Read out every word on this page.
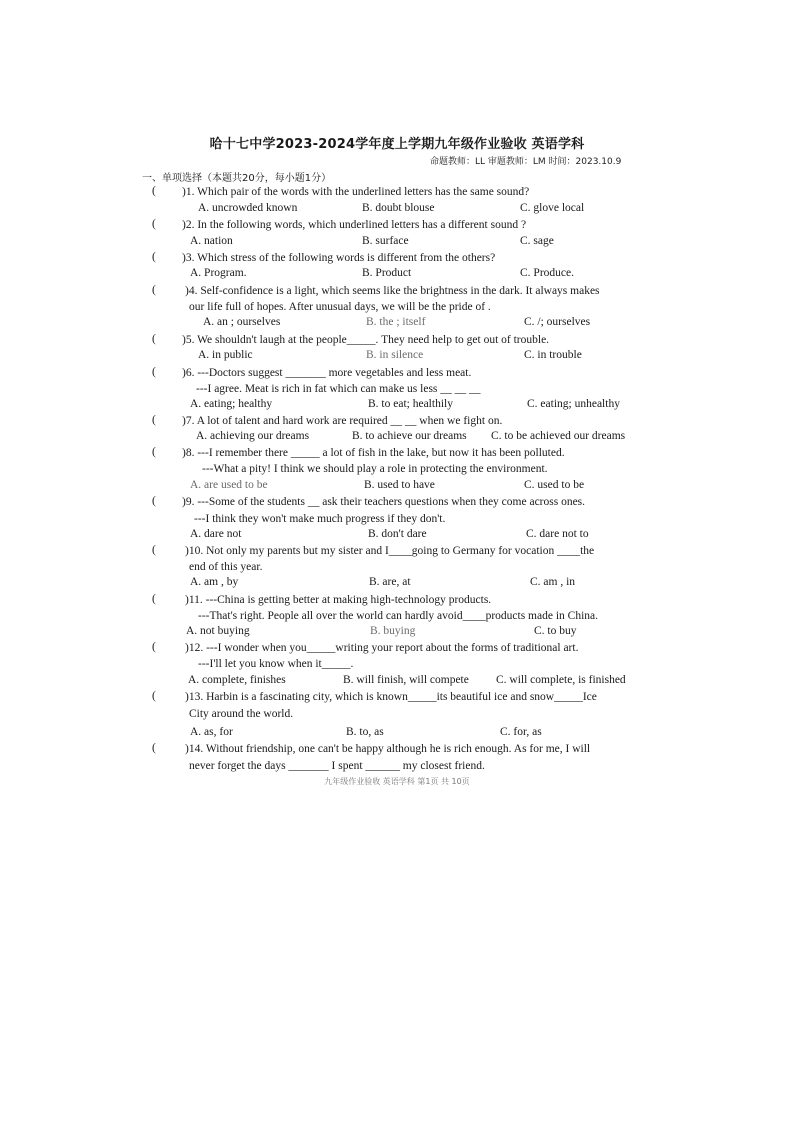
哈十七中学2023-2024学年度上学期九年级作业验收 英语学科
命题教师：LL 审题教师：LM 时间：2023.10.9
一、单项选择（本题共20分，每小题1分）
( )1. Which pair of the words with the underlined letters has the same sound?
A. uncrowded known	B. doubt blouse	C. glove local
( )2. In the following words, which underlined letters has a different sound ?
A. nation	B. surface	C. sage
( )3. Which stress of the following words is different from the others?
A. Program.	B. Product	C. Produce.
(	)4. Self-confidence is a light, which seems like the brightness in the dark. It always makes
our life full of hopes. After unusual days, we will be the pride of .
A. an ; ourselves	B. the ; itself	C. /; ourselves
( )5. We shouldn't laugh at the people_____. They need help to get out of trouble.
A. in public	B. in silence	C. in trouble
( )6. ---Doctors suggest _______ more vegetables and less meat.
---I agree. Meat is rich in fat which can make us less __ __ __
A. eating; healthy	B. to eat; healthily	C. eating; unhealthy
( )7. A lot of talent and hard work are required __ __ when we fight on.
A. achieving our dreams	B. to achieve our dreams C. to be achieved our dreams
( )8. ---I remember there _____ a lot of fish in the lake, but now it has been polluted.
---What a pity! I think we should play a role in protecting the environment.
A. are used to be	B. used to have	C. used to be
( )9. ---Some of the students __ ask their teachers questions when they come across ones.
---I think they won't make much progress if they don't.
A. dare not	B. don't dare	C. dare not to
(	)10. Not only my parents but my sister and I____going to Germany for vocation ____the
end of this year.
A. am , by	B. are, at	C. am , in
(	)11. ---China is getting better at making high-technology products.
---That's right. People all over the world can hardly avoid____products made in China.
A. not buying	B. buying	C. to buy
(	)12. ---I wonder when you_____writing your report about the forms of traditional art.
---I'll let you know when it_____.
A. complete, finishes	B. will finish, will compete C. will complete, is finished
(	)13. Harbin is a fascinating city, which is known_____its beautiful ice and snow_____Ice
City around the world.
A. as, for	B. to, as	C. for, as
(	)14. Without friendship, one can't be happy although he is rich enough. As for me, I will
never forget the days _______ I spent ______ my closest friend.
九年级作业验收 英语学科 第1页 共 10页
